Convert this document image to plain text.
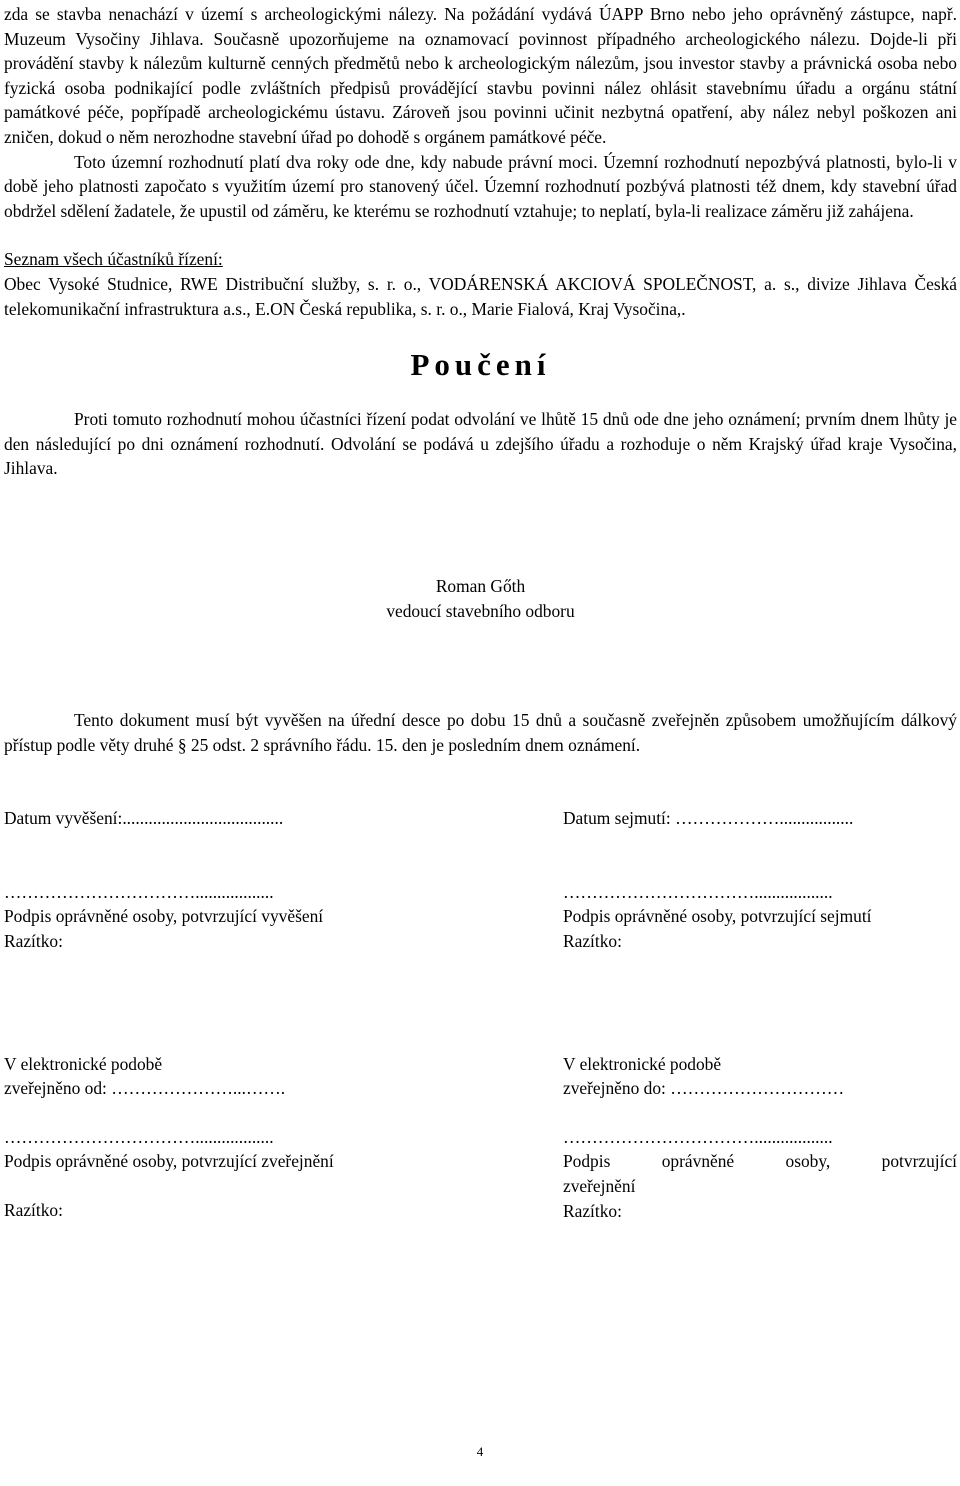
zda se stavba nenachází v území s archeologickými nálezy. Na požádání vydává ÚAPP Brno nebo jeho oprávněný zástupce, např. Muzeum Vysočiny Jihlava. Současně upozorňujeme na oznamovací povinnost případného archeologického nálezu. Dojde-li při provádění stavby k nálezům kulturně cenných předmětů nebo k archeologickým nálezům, jsou investor stavby a právnická osoba nebo fyzická osoba podnikající podle zvláštních předpisů provádějící stavbu povinni nález ohlásit stavebnímu úřadu a orgánu státní památkové péče, popřípadě archeologickému ústavu. Zároveň jsou povinni učinit nezbytná opatření, aby nález nebyl poškozen ani zničen, dokud o něm nerozhodne stavební úřad po dohodě s orgánem památkové péče.

Toto územní rozhodnutí platí dva roky ode dne, kdy nabude právní moci. Územní rozhodnutí nepozbývá platnosti, bylo-li v době jeho platnosti započato s využitím území pro stanovený účel. Územní rozhodnutí pozbývá platnosti též dnem, kdy stavební úřad obdržel sdělení žadatele, že upustil od záměru, ke kterému se rozhodnutí vztahuje; to neplatí, byla-li realizace záměru již zahájena.

Seznam všech účastníků řízení:

Obec Vysoké Studnice, RWE Distribuční služby, s. r. o., VODÁRENSKÁ AKCIOVÁ SPOLEČNOST, a. s., divize Jihlava Česká telekomunikační infrastruktura a.s., E.ON Česká republika, s. r. o., Marie Fialová, Kraj Vysočina,.

Poučení

Proti tomuto rozhodnutí mohou účastníci řízení podat odvolání ve lhůtě 15 dnů ode dne jeho oznámení; prvním dnem lhůty je den následující po dni oznámení rozhodnutí. Odvolání se podává u zdejšího úřadu a rozhoduje o něm Krajský úřad kraje Vysočina, Jihlava.

Roman Gőth
vedoucí stavebního odboru

Tento dokument musí být vyvěšen na úřední desce po dobu 15 dnů a současně zveřejněn způsobem umožňujícím dálkový přístup podle věty druhé § 25 odst. 2 správního řádu. 15. den je posledním dnem oznámení.

Datum vyvěšení:.....................................
……………………………..................
Podpis oprávněné osoby, potvrzující vyvěšení
Razítko:
Datum sejmutí: ……………….................
……………………………..................
Podpis oprávněné osoby, potvrzující sejmutí
Razítko:
V elektronické podobě
zveřejněno od: …………………...…….
……………………………..................
Podpis oprávněné osoby, potvrzující zveřejnění
Razítko:
V elektronické podobě
zveřejněno do: …………………………
……………………………..................
Podpis oprávněné osoby, potvrzující
zveřejnění
Razítko:
4
